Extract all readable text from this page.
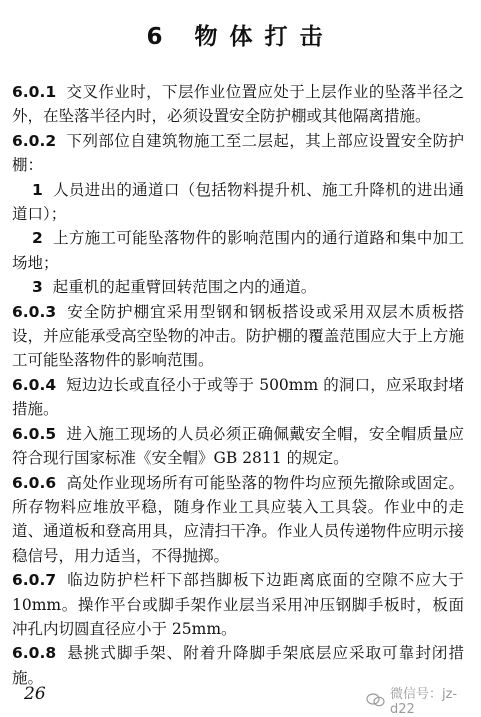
6 物体打击

6.0.1 交叉作业时，下层作业位置应处于上层作业的坠落半径之外，在坠落半径内时，必须设置安全防护棚或其他隔离措施。

6.0.2 下列部位自建筑物施工至二层起，其上部应设置安全防护棚：

1 人员进出的通道口（包括物料提升机、施工升降机的进出通道口）；

2 上方施工可能坠落物件的影响范围内的通行道路和集中加工场地；

3 起重机的起重臂回转范围之内的通道。

6.0.3 安全防护棚宜采用型钢和钢板搭设或采用双层木质板搭设，并应能承受高空坠物的冲击。防护棚的覆盖范围应大于上方施工可能坠落物件的影响范围。

6.0.4 短边边长或直径小于或等于 500mm 的洞口，应采取封堵措施。

6.0.5 进入施工现场的人员必须正确佩戴安全帽，安全帽质量应符合现行国家标准《安全帽》GB 2811 的规定。

6.0.6 高处作业现场所有可能坠落的物件均应预先撤除或固定。所存物料应堆放平稳，随身作业工具应装入工具袋。作业中的走道、通道板和登高用具，应清扫干净。作业人员传递物件应明示接稳信号，用力适当，不得抛掷。

6.0.7 临边防护栏杆下部挡脚板下边距离底面的空隙不应大于 10mm。操作平台或脚手架作业层当采用冲压钢脚手板时，板面冲孔内切圆直径应小于 25mm。

6.0.8 悬挑式脚手架、附着升降脚手架底层应采取可靠封闭措施。

26	微信号：jz-d22
